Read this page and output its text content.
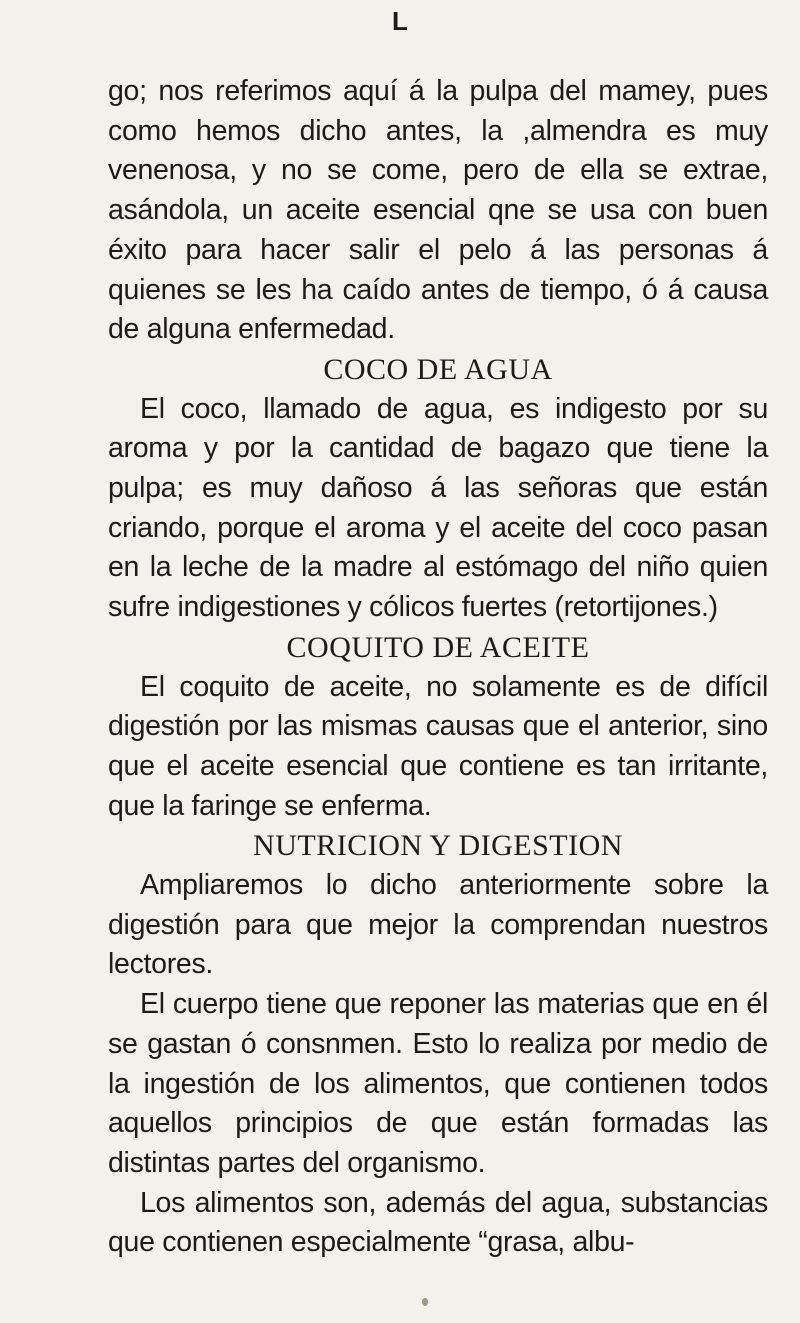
L

go; nos referimos aquí á la pulpa del mamey, pues como hemos dicho antes, la ,almendra es muy venenosa, y no se come, pero de ella se extrae, asándola, un aceite esencial qne se usa con buen éxito para hacer salir el pelo á las personas á quienes se les ha caído antes de tiempo, ó á causa de alguna enfermedad.

COCO DE AGUA

El coco, llamado de agua, es indigesto por su aroma y por la cantidad de bagazo que tiene la pulpa; es muy dañoso á las señoras que están criando, porque el aroma y el aceite del coco pasan en la leche de la madre al estómago del niño quien sufre indigestiones y cólicos fuertes (retortijones.)

COQUITO DE ACEITE

El coquito de aceite, no solamente es de difícil digestión por las mismas causas que el anterior, sino que el aceite esencial que contiene es tan irritante, que la faringe se enferma.

NUTRICION Y DIGESTION

Ampliaremos lo dicho anteriormente sobre la digestión para que mejor la comprendan nuestros lectores.

El cuerpo tiene que reponer las materias que en él se gastan ó consnmen. Esto lo realiza por medio de la ingestión de los alimentos, que contienen todos aquellos principios de que están formadas las distintas partes del organismo.

Los alimentos son, además del agua, substancias que contienen especialmente “grasa, albu-
